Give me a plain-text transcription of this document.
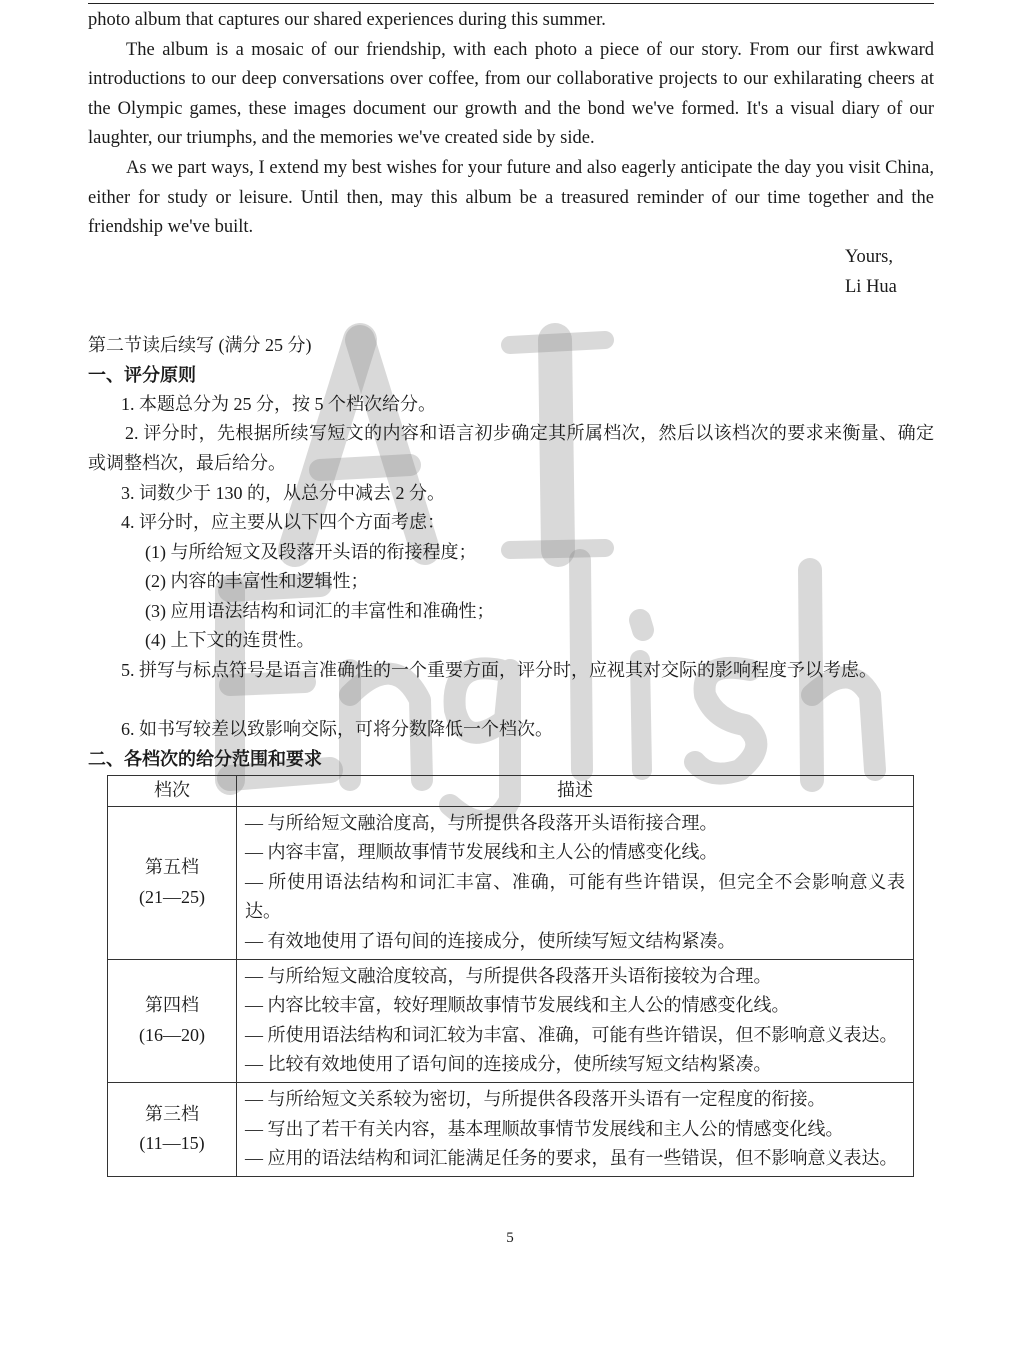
photo album that captures our shared experiences during this summer.

The album is a mosaic of our friendship, with each photo a piece of our story. From our first awkward introductions to our deep conversations over coffee, from our collaborative projects to our exhilarating cheers at the Olympic games, these images document our growth and the bond we've formed. It's a visual diary of our laughter, our triumphs, and the memories we've created side by side.

As we part ways, I extend my best wishes for your future and also eagerly anticipate the day you visit China, either for study or leisure. Until then, may this album be a treasured reminder of our time together and the friendship we've built.

Yours,
Li Hua
第二节读后续写 (满分 25 分)
一、评分原则
1. 本题总分为 25 分，按 5 个档次给分。
2. 评分时，先根据所续写短文的内容和语言初步确定其所属档次，然后以该档次的要求来衡量、确定或调整档次，最后给分。
3. 词数少于 130 的，从总分中减去 2 分。
4. 评分时，应主要从以下四个方面考虑：
(1) 与所给短文及段落开头语的衔接程度；
(2) 内容的丰富性和逻辑性；
(3) 应用语法结构和词汇的丰富性和准确性；
(4) 上下文的连贯性。
5. 拼写与标点符号是语言准确性的一个重要方面，评分时，应视其对交际的影响程度予以考虑。
6. 如书写较差以致影响交际，可将分数降低一个档次。
二、各档次的给分范围和要求
档次	描述

第五档
(21—25)	— 与所给短文融洽度高，与所提供各段落开头语衔接合理。
— 内容丰富，理顺故事情节发展线和主人公的情感变化线。
— 所使用语法结构和词汇丰富、准确，可能有些许错误，但完全不会影响意义表达。
— 有效地使用了语句间的连接成分，使所续写短文结构紧凑。

第四档
(16—20)	— 与所给短文融洽度较高，与所提供各段落开头语衔接较为合理。
— 内容比较丰富，较好理顺故事情节发展线和主人公的情感变化线。
— 所使用语法结构和词汇较为丰富、准确，可能有些许错误，但不影响意义表达。
— 比较有效地使用了语句间的连接成分，使所续写短文结构紧凑。

第三档
(11—15)	— 与所给短文关系较为密切，与所提供各段落开头语有一定程度的衔接。
— 写出了若干有关内容，基本理顺故事情节发展线和主人公的情感变化线。
— 应用的语法结构和词汇能满足任务的要求，虽有一些错误，但不影响意义表达。
5
